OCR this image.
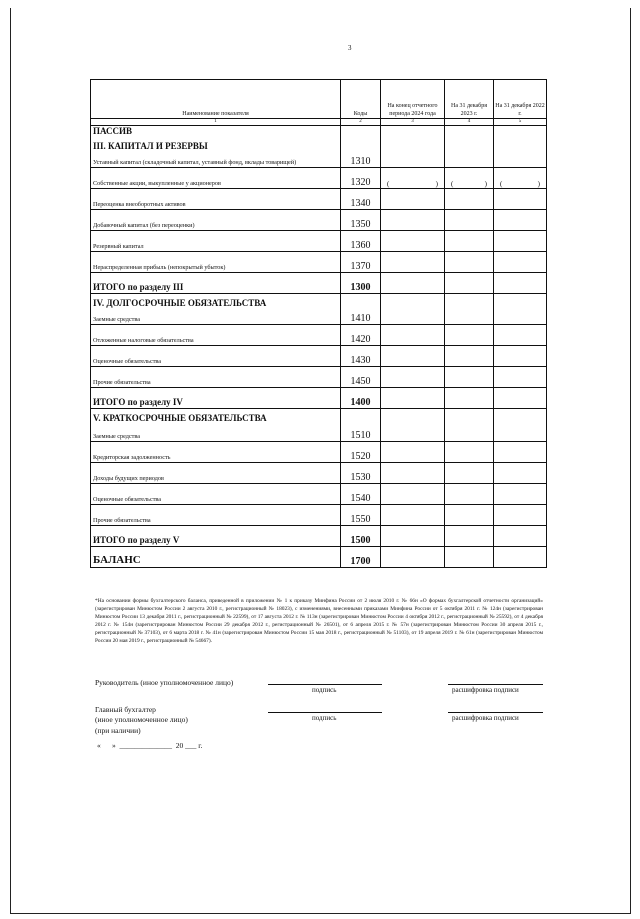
3
Наименование показателя	Коды	На конец отчетного периода 2024 года	На 31 декабря 2023 г.	На 31 декабря 2022 г.
1	2	3	4	5

ПАССИВ
III. КАПИТАЛ И РЕЗЕРВЫ
Уставный капитал (складочный капитал, уставный фонд, вклады товарищей)	1310			

Собственные акции, выкупленные у акционеров	1320	( )	( )	( )

Переоценка внеоборотных активов	1340			

Добавочный капитал (без переоценки)	1350			

Резервный капитал	1360			

Нераспределенная прибыль (непокрытый убыток)	1370			

ИТОГО по разделу III	1300			

IV. ДОЛГОСРОЧНЫЕ ОБЯЗАТЕЛЬСТВА
Заемные средства	1410			

Отложенные налоговые обязательства	1420			

Оценочные обязательства	1430			

Прочие обязательства	1450			

ИТОГО по разделу IV	1400			

V. КРАТКОСРОЧНЫЕ ОБЯЗАТЕЛЬСТВА
Заемные средства	1510			

Кредиторская задолженность	1520			

Доходы будущих периодов	1530			

Оценочные обязательства	1540			

Прочие обязательства	1550			

ИТОГО по разделу V	1500			

БАЛАНС	1700			
*На основании формы бухгалтерского баланса, приведенной в приложении № 1 к приказу Минфина России от 2 июля 2010 г. № 66н «О формах бухгалтерской отчетности организаций» (зарегистрирован Минюстом России 2 августа 2010 г., регистрационный № 18023), с изменениями, внесенными приказами Минфина России от 5 октября 2011 г. № 124н (зарегистрирован Минюстом России 13 декабря 2011 г., регистрационный № 22599), от 17 августа 2012 г. № 113н (зарегистрирован Минюстом России 4 октября 2012 г., регистрационный № 25592), от 4 декабря 2012 г. № 154н (зарегистрирован Минюстом России 29 декабря 2012 г., регистрационный № 26501), от 6 апреля 2015 г. № 57н (зарегистрирован Минюстом России 30 апреля 2015 г., регистрационный № 37103), от 6 марта 2018 г. № 41н (зарегистрирован Минюстом России 15 мая 2018 г., регистрационный № 51103), от 19 апреля 2019 г. № 61н (зарегистрирован Минюстом России 20 мая 2019 г., регистрационный № 54667).
Руководитель (иное уполномоченное лицо)
подпись	расшифровка подписи
Главный бухгалтер
(иное уполномоченное лицо)
(при наличии)
подпись	расшифровка подписи
«      »  ______________  20 ___ г.
